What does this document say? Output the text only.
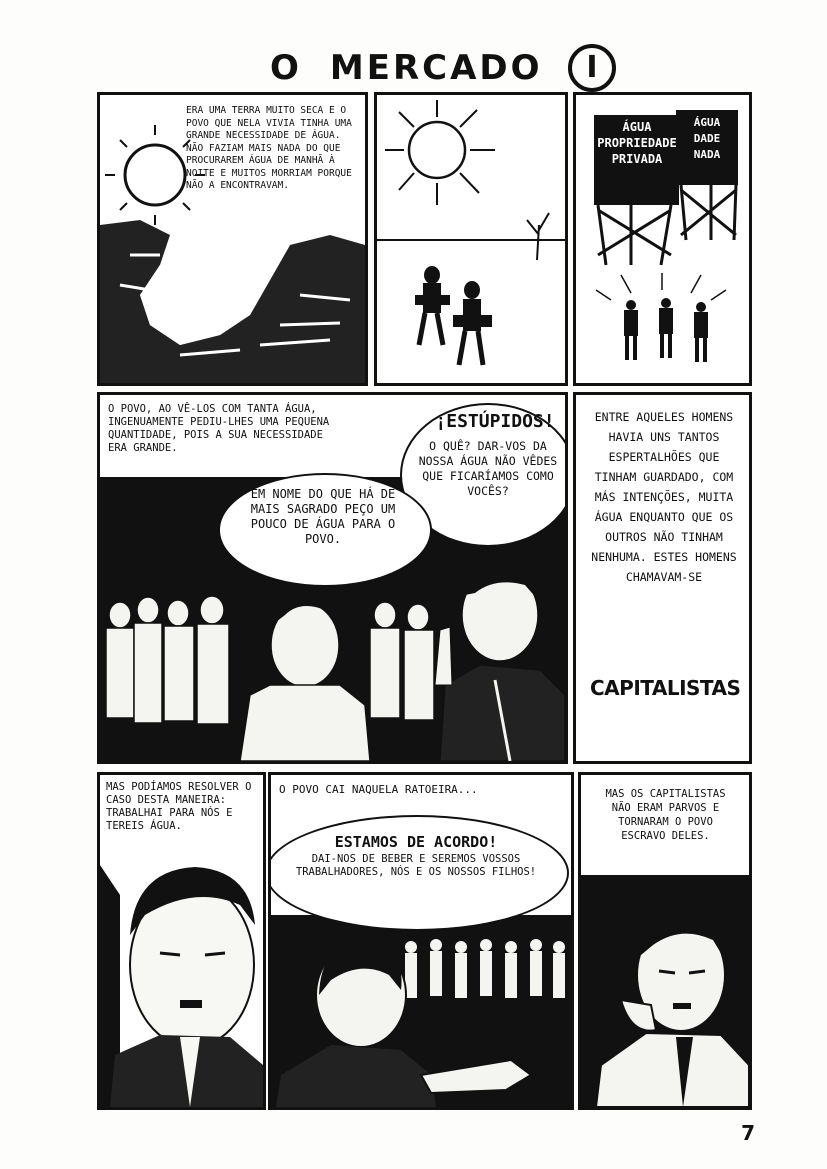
O MERCADO	I
ERA UMA TERRA MUITO SECA E O POVO QUE NELA VIVIA TINHA UMA GRANDE NECESSIDADE DE ÁGUA. NÃO FAZIAM MAIS NADA DO QUE PROCURAREM ÁGUA DE MANHÃ À NOITE E MUITOS MORRIAM PORQUE NÃO A ENCONTRAVAM.
ÁGUA PROPRIEDADE PRIVADA
ÁGUA DADE NADA
O POVO, AO VÊ-LOS COM TANTA ÁGUA, INGENUAMENTE PEDIU-LHES UMA PEQUENA QUANTIDADE, POIS A SUA NECESSIDADE ERA GRANDE.
¡ESTÚPIDOS!
O QUÊ? DAR-VOS DA NOSSA ÁGUA NÃO VÊDES QUE FICARÍAMOS COMO VOCÊS?
EM NOME DO QUE HÁ DE MAIS SAGRADO PEÇO UM POUCO DE ÁGUA PARA O POVO.
ENTRE AQUELES HOMENS HAVIA UNS TANTOS ESPERTALHÕES QUE TINHAM GUARDADO, COM MÁS INTENÇÕES, MUITA ÁGUA ENQUANTO QUE OS OUTROS NÃO TINHAM NENHUMA. ESTES HOMENS CHAMAVAM-SE
CAPITALISTAS
MAS PODÍAMOS RESOLVER O CASO DESTA MANEIRA: TRABALHAI PARA NÓS E TEREIS ÁGUA.
O POVO CAI NAQUELA RATOEIRA...
ESTAMOS DE ACORDO!
DAI-NOS DE BEBER E SEREMOS VOSSOS TRABALHADORES, NÓS E OS NOSSOS FILHOS!
MAS OS CAPITALISTAS NÃO ERAM PARVOS E TORNARAM O POVO ESCRAVO DELES.
7
